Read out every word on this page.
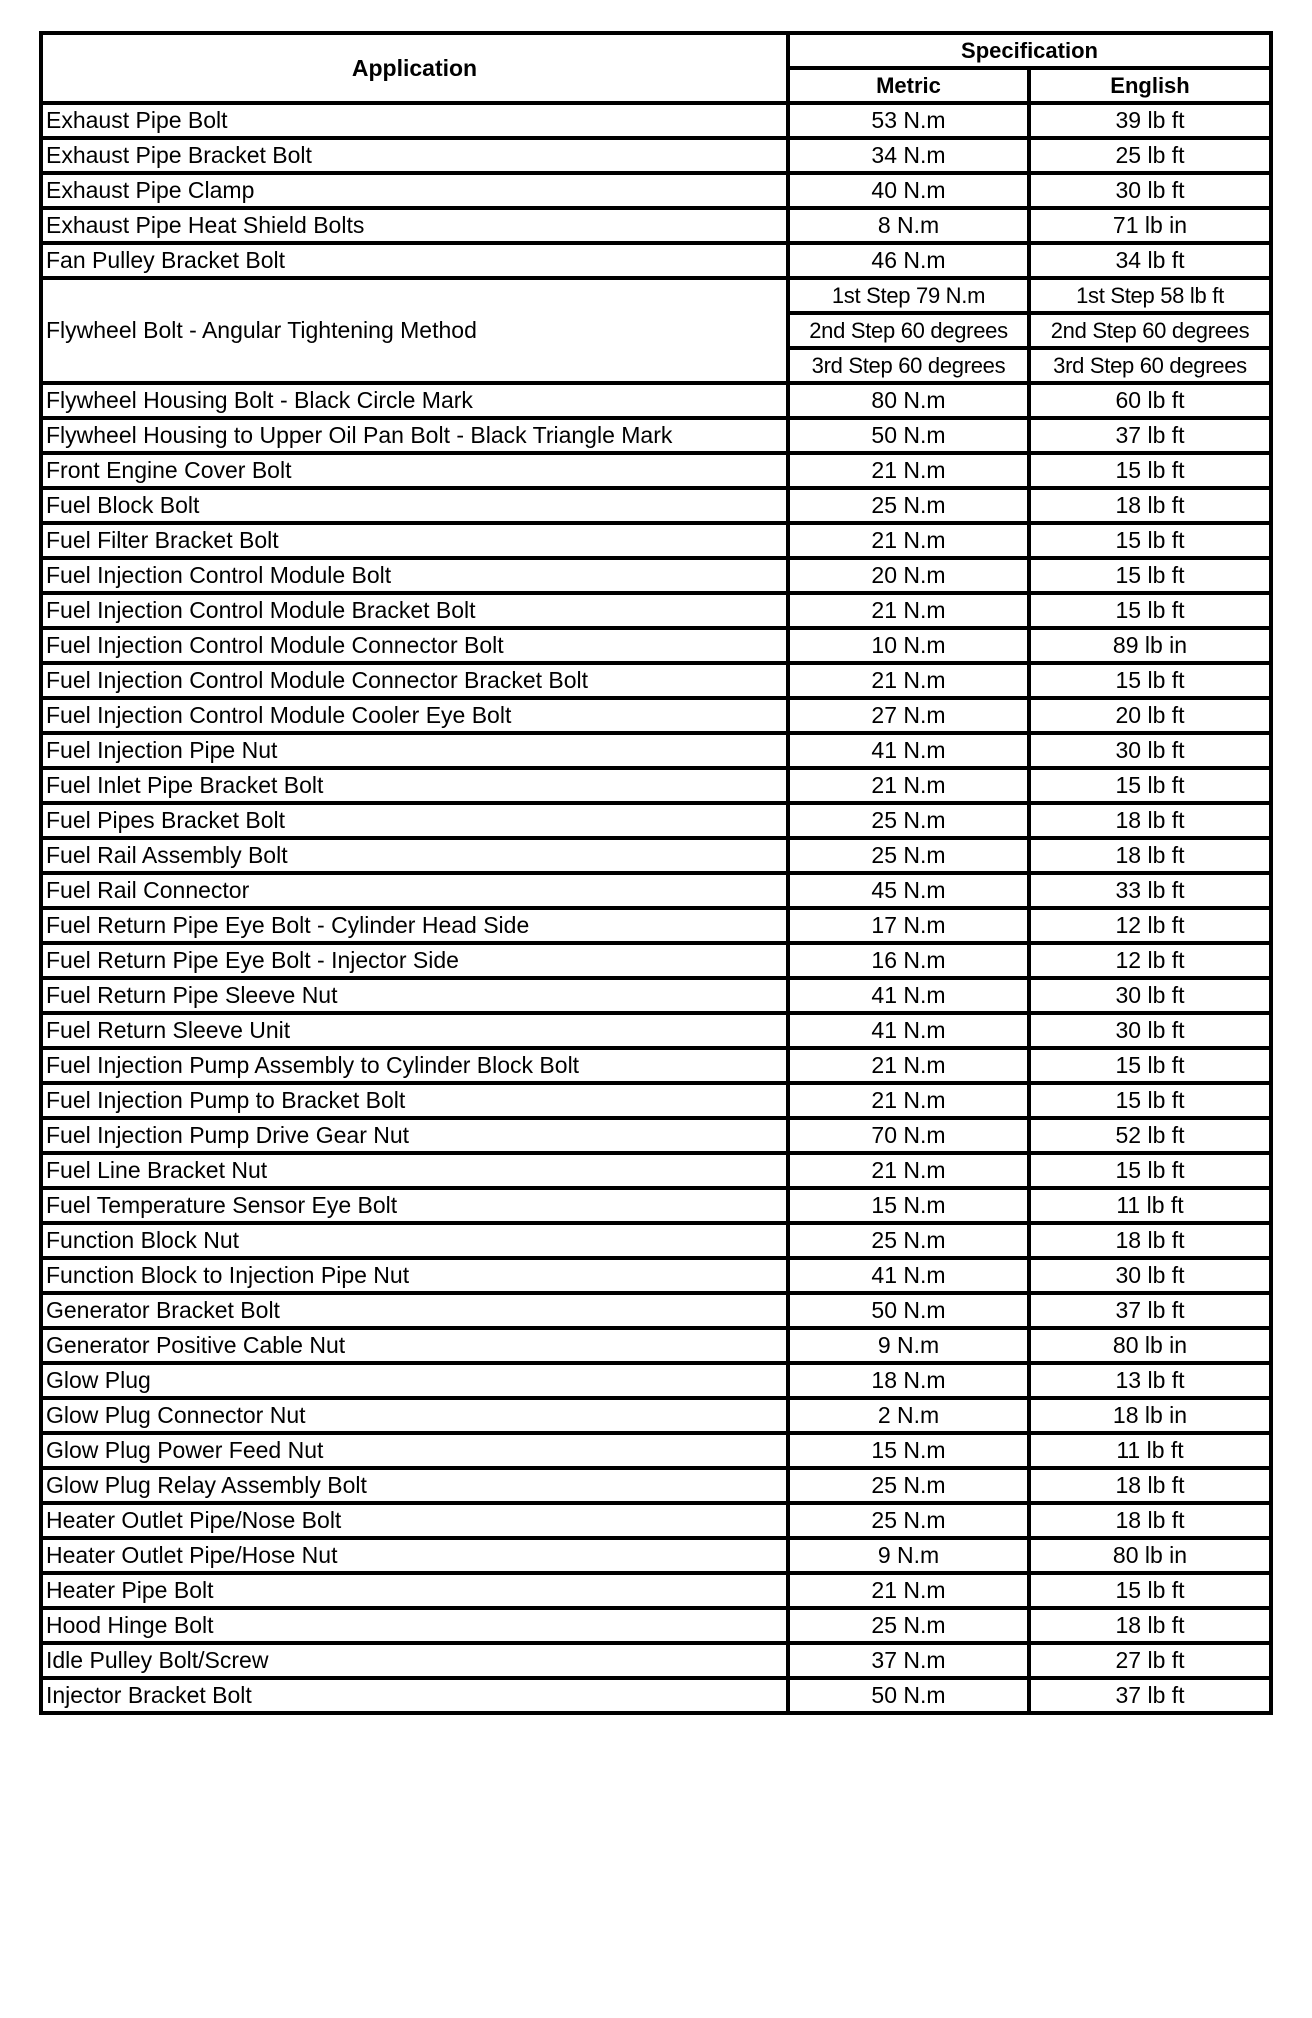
Application	Specification	
	Metric	English
Exhaust Pipe Bolt	53 N.m	39 lb ft
Exhaust Pipe Bracket Bolt	34 N.m	25 lb ft
Exhaust Pipe Clamp	40 N.m	30 lb ft
Exhaust Pipe Heat Shield Bolts	8 N.m	71 lb in
Fan Pulley Bracket Bolt	46 N.m	34 lb ft
Flywheel Bolt - Angular Tightening Method	1st Step 79 N.m	1st Step 58 lb ft
	2nd Step 60 degrees	2nd Step 60 degrees
	3rd Step 60 degrees	3rd Step 60 degrees
Flywheel Housing Bolt - Black Circle Mark	80 N.m	60 lb ft
Flywheel Housing to Upper Oil Pan Bolt - Black Triangle Mark	50 N.m	37 lb ft
Front Engine Cover Bolt	21 N.m	15 lb ft
Fuel Block Bolt	25 N.m	18 lb ft
Fuel Filter Bracket Bolt	21 N.m	15 lb ft
Fuel Injection Control Module Bolt	20 N.m	15 lb ft
Fuel Injection Control Module Bracket Bolt	21 N.m	15 lb ft
Fuel Injection Control Module Connector Bolt	10 N.m	89 lb in
Fuel Injection Control Module Connector Bracket Bolt	21 N.m	15 lb ft
Fuel Injection Control Module Cooler Eye Bolt	27 N.m	20 lb ft
Fuel Injection Pipe Nut	41 N.m	30 lb ft
Fuel Inlet Pipe Bracket Bolt	21 N.m	15 lb ft
Fuel Pipes Bracket Bolt	25 N.m	18 lb ft
Fuel Rail Assembly Bolt	25 N.m	18 lb ft
Fuel Rail Connector	45 N.m	33 lb ft
Fuel Return Pipe Eye Bolt - Cylinder Head Side	17 N.m	12 lb ft
Fuel Return Pipe Eye Bolt - Injector Side	16 N.m	12 lb ft
Fuel Return Pipe Sleeve Nut	41 N.m	30 lb ft
Fuel Return Sleeve Unit	41 N.m	30 lb ft
Fuel Injection Pump Assembly to Cylinder Block Bolt	21 N.m	15 lb ft
Fuel Injection Pump to Bracket Bolt	21 N.m	15 lb ft
Fuel Injection Pump Drive Gear Nut	70 N.m	52 lb ft
Fuel Line Bracket Nut	21 N.m	15 lb ft
Fuel Temperature Sensor Eye Bolt	15 N.m	11 lb ft
Function Block Nut	25 N.m	18 lb ft
Function Block to Injection Pipe Nut	41 N.m	30 lb ft
Generator Bracket Bolt	50 N.m	37 lb ft
Generator Positive Cable Nut	9 N.m	80 lb in
Glow Plug	18 N.m	13 lb ft
Glow Plug Connector Nut	2 N.m	18 lb in
Glow Plug Power Feed Nut	15 N.m	11 lb ft
Glow Plug Relay Assembly Bolt	25 N.m	18 lb ft
Heater Outlet Pipe/Nose Bolt	25 N.m	18 lb ft
Heater Outlet Pipe/Hose Nut	9 N.m	80 lb in
Heater Pipe Bolt	21 N.m	15 lb ft
Hood Hinge Bolt	25 N.m	18 lb ft
Idle Pulley Bolt/Screw	37 N.m	27 lb ft
Injector Bracket Bolt	50 N.m	37 lb ft
